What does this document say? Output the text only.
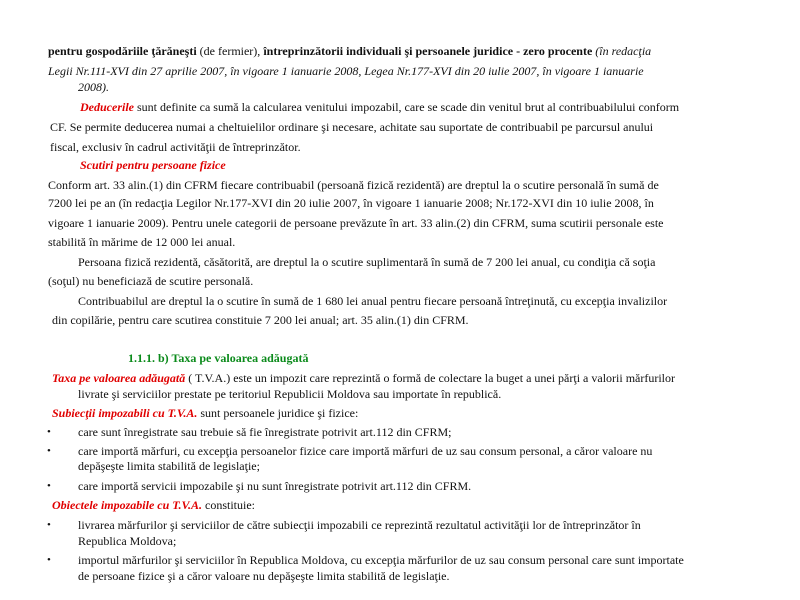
pentru gospodăriile ţărăneşti (de fermier), întreprinzătorii individuali şi persoanele juridice - zero procente (în redacţia
Legii Nr.111-XVI din 27 aprilie 2007, în vigoare 1 ianuarie 2008, Legea Nr.177-XVI din 20 iulie 2007, în vigoare 1 ianuarie
2008).
Deducerile sunt definite ca sumă la calcularea venitului impozabil, care se scade din venitul brut al contribuabilului conform
CF. Se permite deducerea numai a cheltuielilor ordinare şi necesare, achitate sau suportate de contribuabil pe parcursul anului
fiscal, exclusiv în cadrul activităţii de întreprinzător.
Scutiri pentru persoane fizice
Conform art. 33 alin.(1) din CFRM fiecare contribuabil (persoană fizică rezidentă) are dreptul la o scutire personală în sumă de
7200 lei pe an (în redacţia Legilor Nr.177-XVI din 20 iulie 2007, în vigoare 1 ianuarie 2008; Nr.172-XVI din 10 iulie 2008, în
vigoare 1 ianuarie 2009). Pentru unele categorii de persoane prevăzute în art. 33 alin.(2) din CFRM, suma scutirii personale este
stabilită în mărime de 12 000 lei anual.
Persoana fizică rezidentă, căsătorită, are dreptul la o scutire suplimentară în sumă de 7 200 lei anual, cu condiţia că soţia
(soţul) nu beneficiază de scutire personală.
Contribuabilul are dreptul la o scutire în sumă de 1 680 lei anual pentru fiecare persoană întreţinută, cu excepţia invalizilor
din copilărie, pentru care scutirea constituie 7 200 lei anual; art. 35 alin.(1) din CFRM.
1.1.1. b) Taxa pe valoarea adăugată
Taxa pe valoarea adăugată ( T.V.A.) este un impozit care reprezintă o formă de colectare la buget a unei părţi a valorii mărfurilor
livrate şi serviciilor prestate pe teritoriul Republicii Moldova sau importate în republică.
Subiecţii impozabili cu T.V.A. sunt persoanele juridice şi fizice:
• care sunt înregistrate sau trebuie să fie înregistrate potrivit art.112 din CFRM;
• care importă mărfuri, cu excepţia persoanelor fizice care importă mărfuri de uz sau consum personal, a căror valoare nu
depăşeşte limita stabilită de legislaţie;
• care importă servicii impozabile şi nu sunt înregistrate potrivit art.112 din CFRM.
Obiectele impozabile cu T.V.A. constituie:
• livrarea mărfurilor şi serviciilor de către subiecţii impozabili ce reprezintă rezultatul activităţii lor de întreprinzător în
Republica Moldova;
• importul mărfurilor şi serviciilor în Republica Moldova, cu excepţia mărfurilor de uz sau consum personal care sunt importate
de persoane fizice şi a căror valoare nu depăşeşte limita stabilită de legislaţie.
